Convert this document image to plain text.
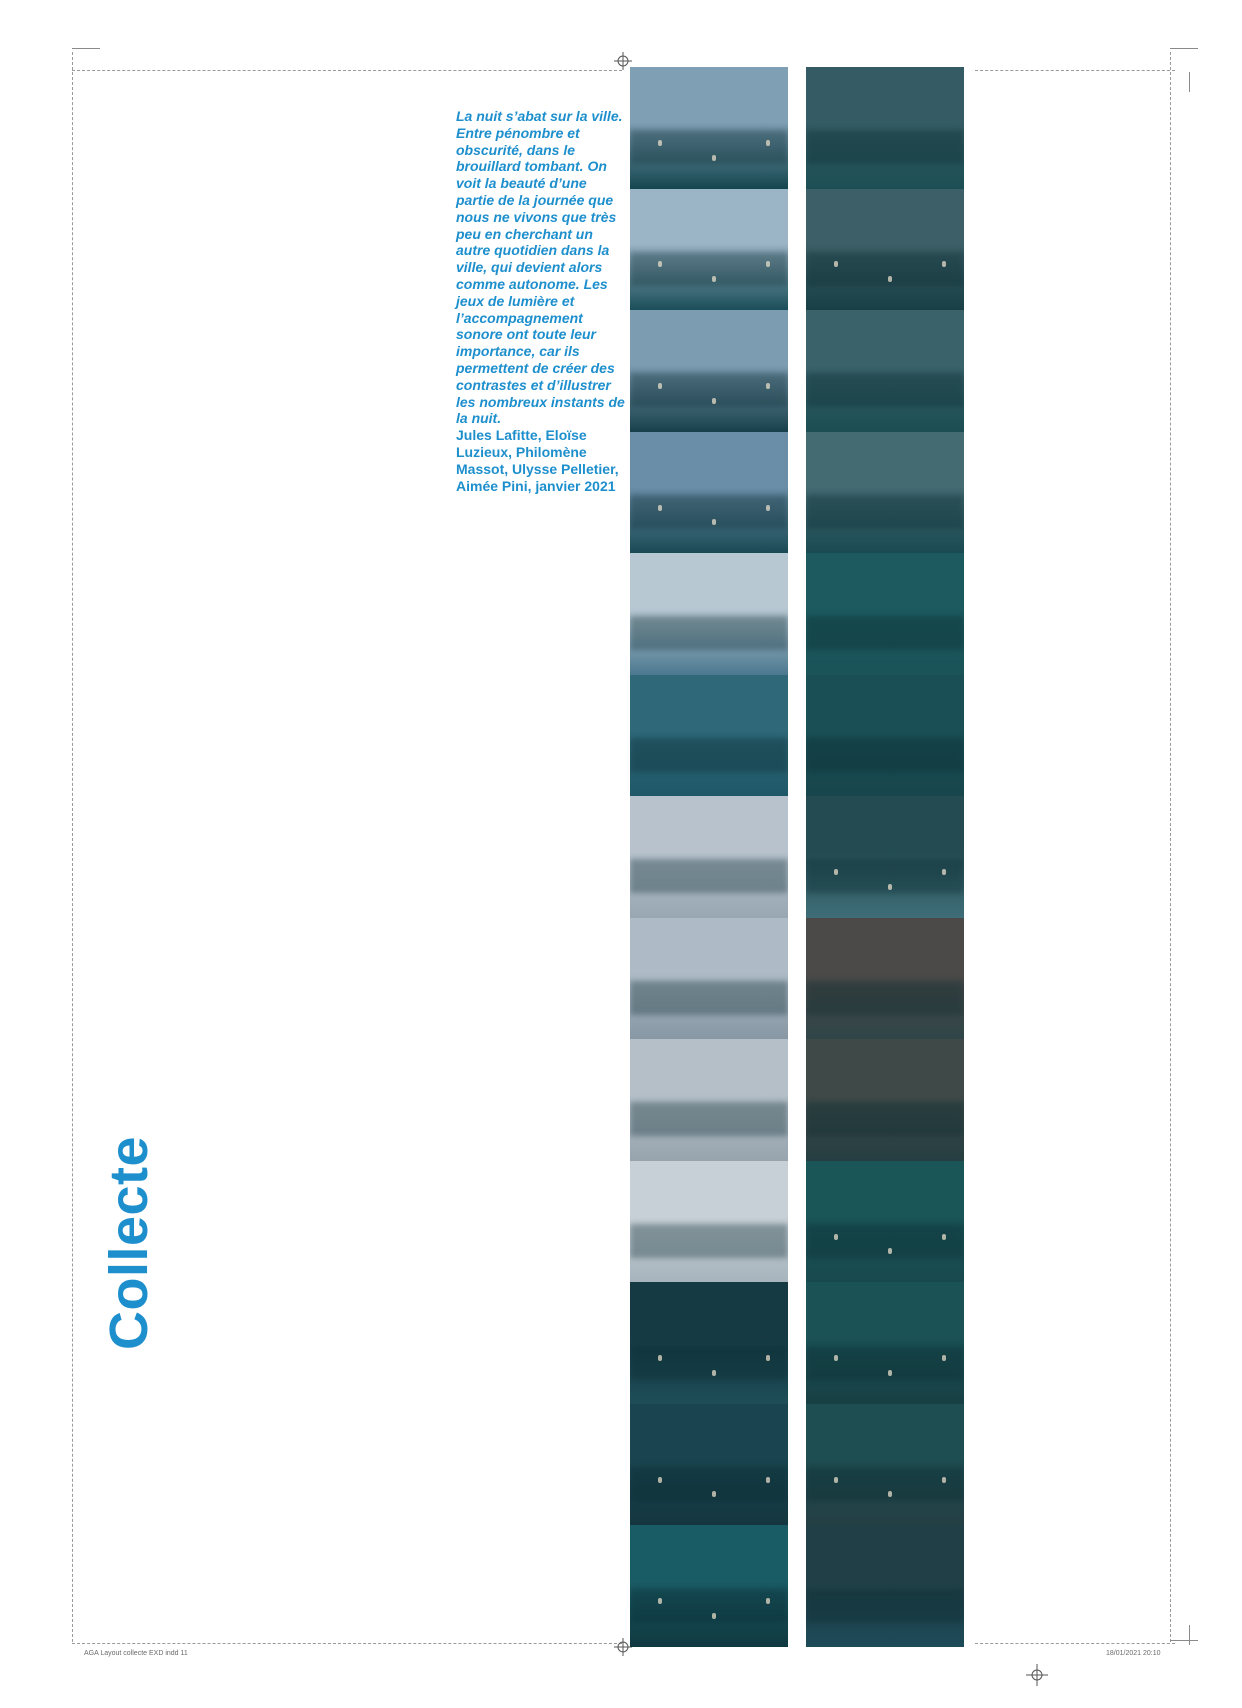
La nuit s’abat sur la ville. Entre pénombre et obscurité, dans le brouillard tombant. On voit la beauté d’une partie de la journée que nous ne vivons que très peu en cherchant un autre quotidien dans la ville, qui devient alors comme autonome. Les jeux de lumière et l’accompagnement sonore ont toute leur importance, car ils permettent de créer des contrastes et d’illustrer les nombreux instants de la nuit.
Jules Lafitte, Eloïse Luzieux, Philomène Massot, Ulysse Pelletier, Aimée Pini, janvier 2021
Collecte
AGA Layout collecte EXD indd 11	18/01/2021 20:10
